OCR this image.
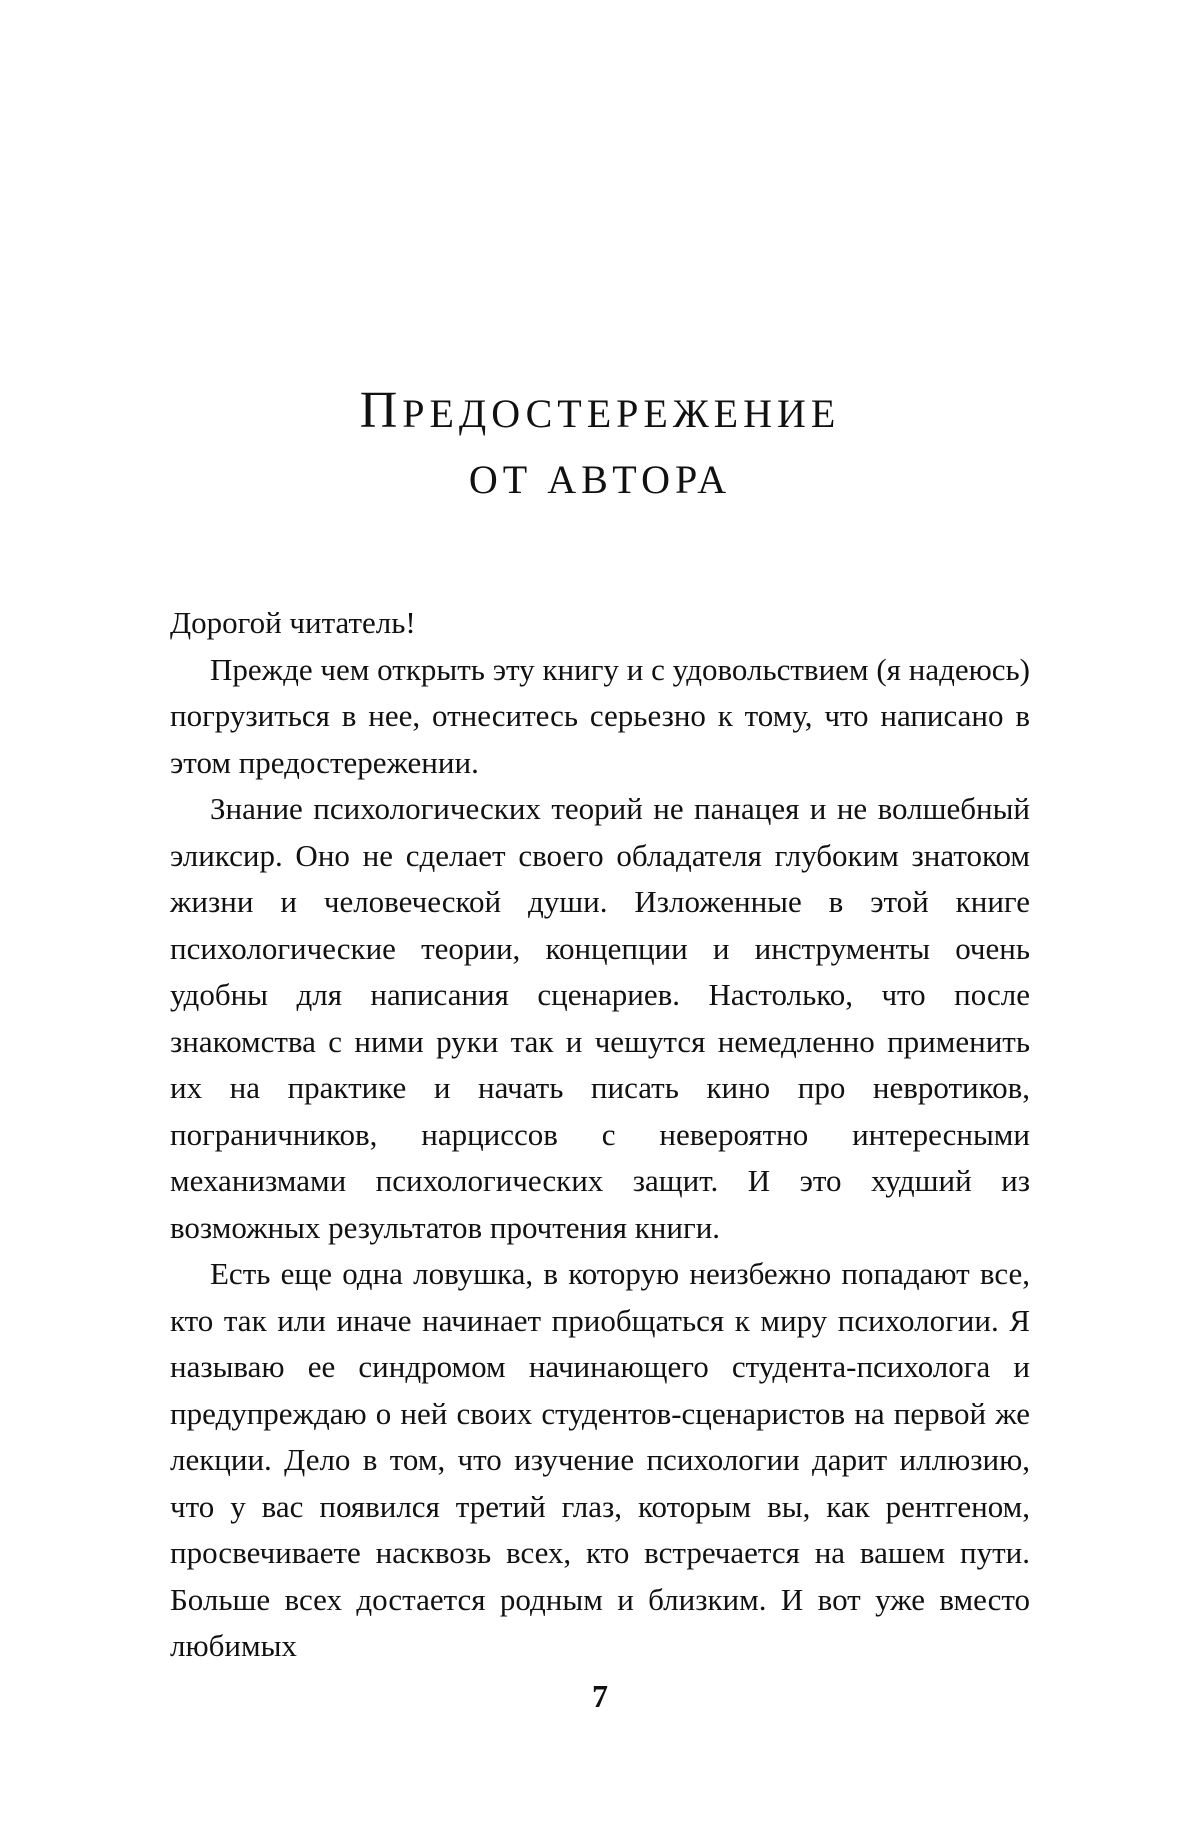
ПРЕДОСТЕРЕЖЕНИЕ
ОТ АВТОРА

Дорогой читатель!

Прежде чем открыть эту книгу и с удовольствием (я надеюсь) погрузиться в нее, отнеситесь серьезно к тому, что написано в этом предостережении.

Знание психологических теорий не панацея и не волшебный эликсир. Оно не сделает своего обладателя глубоким знатоком жизни и человеческой души. Изложенные в этой книге психологические теории, концепции и инструменты очень удобны для написания сценариев. Настолько, что после знакомства с ними руки так и чешутся немедленно применить их на практике и начать писать кино про невротиков, пограничников, нарциссов с невероятно интересными механизмами психологических защит. И это худший из возможных результатов прочтения книги.

Есть еще одна ловушка, в которую неизбежно попадают все, кто так или иначе начинает приобщаться к миру психологии. Я называю ее синдромом начинающего студента-психолога и предупреждаю о ней своих студентов-сценаристов на первой же лекции. Дело в том, что изучение психологии дарит иллюзию, что у вас появился третий глаз, которым вы, как рентгеном, просвечиваете насквозь всех, кто встречается на вашем пути. Больше всех достается родным и близким. И вот уже вместо любимых

7
